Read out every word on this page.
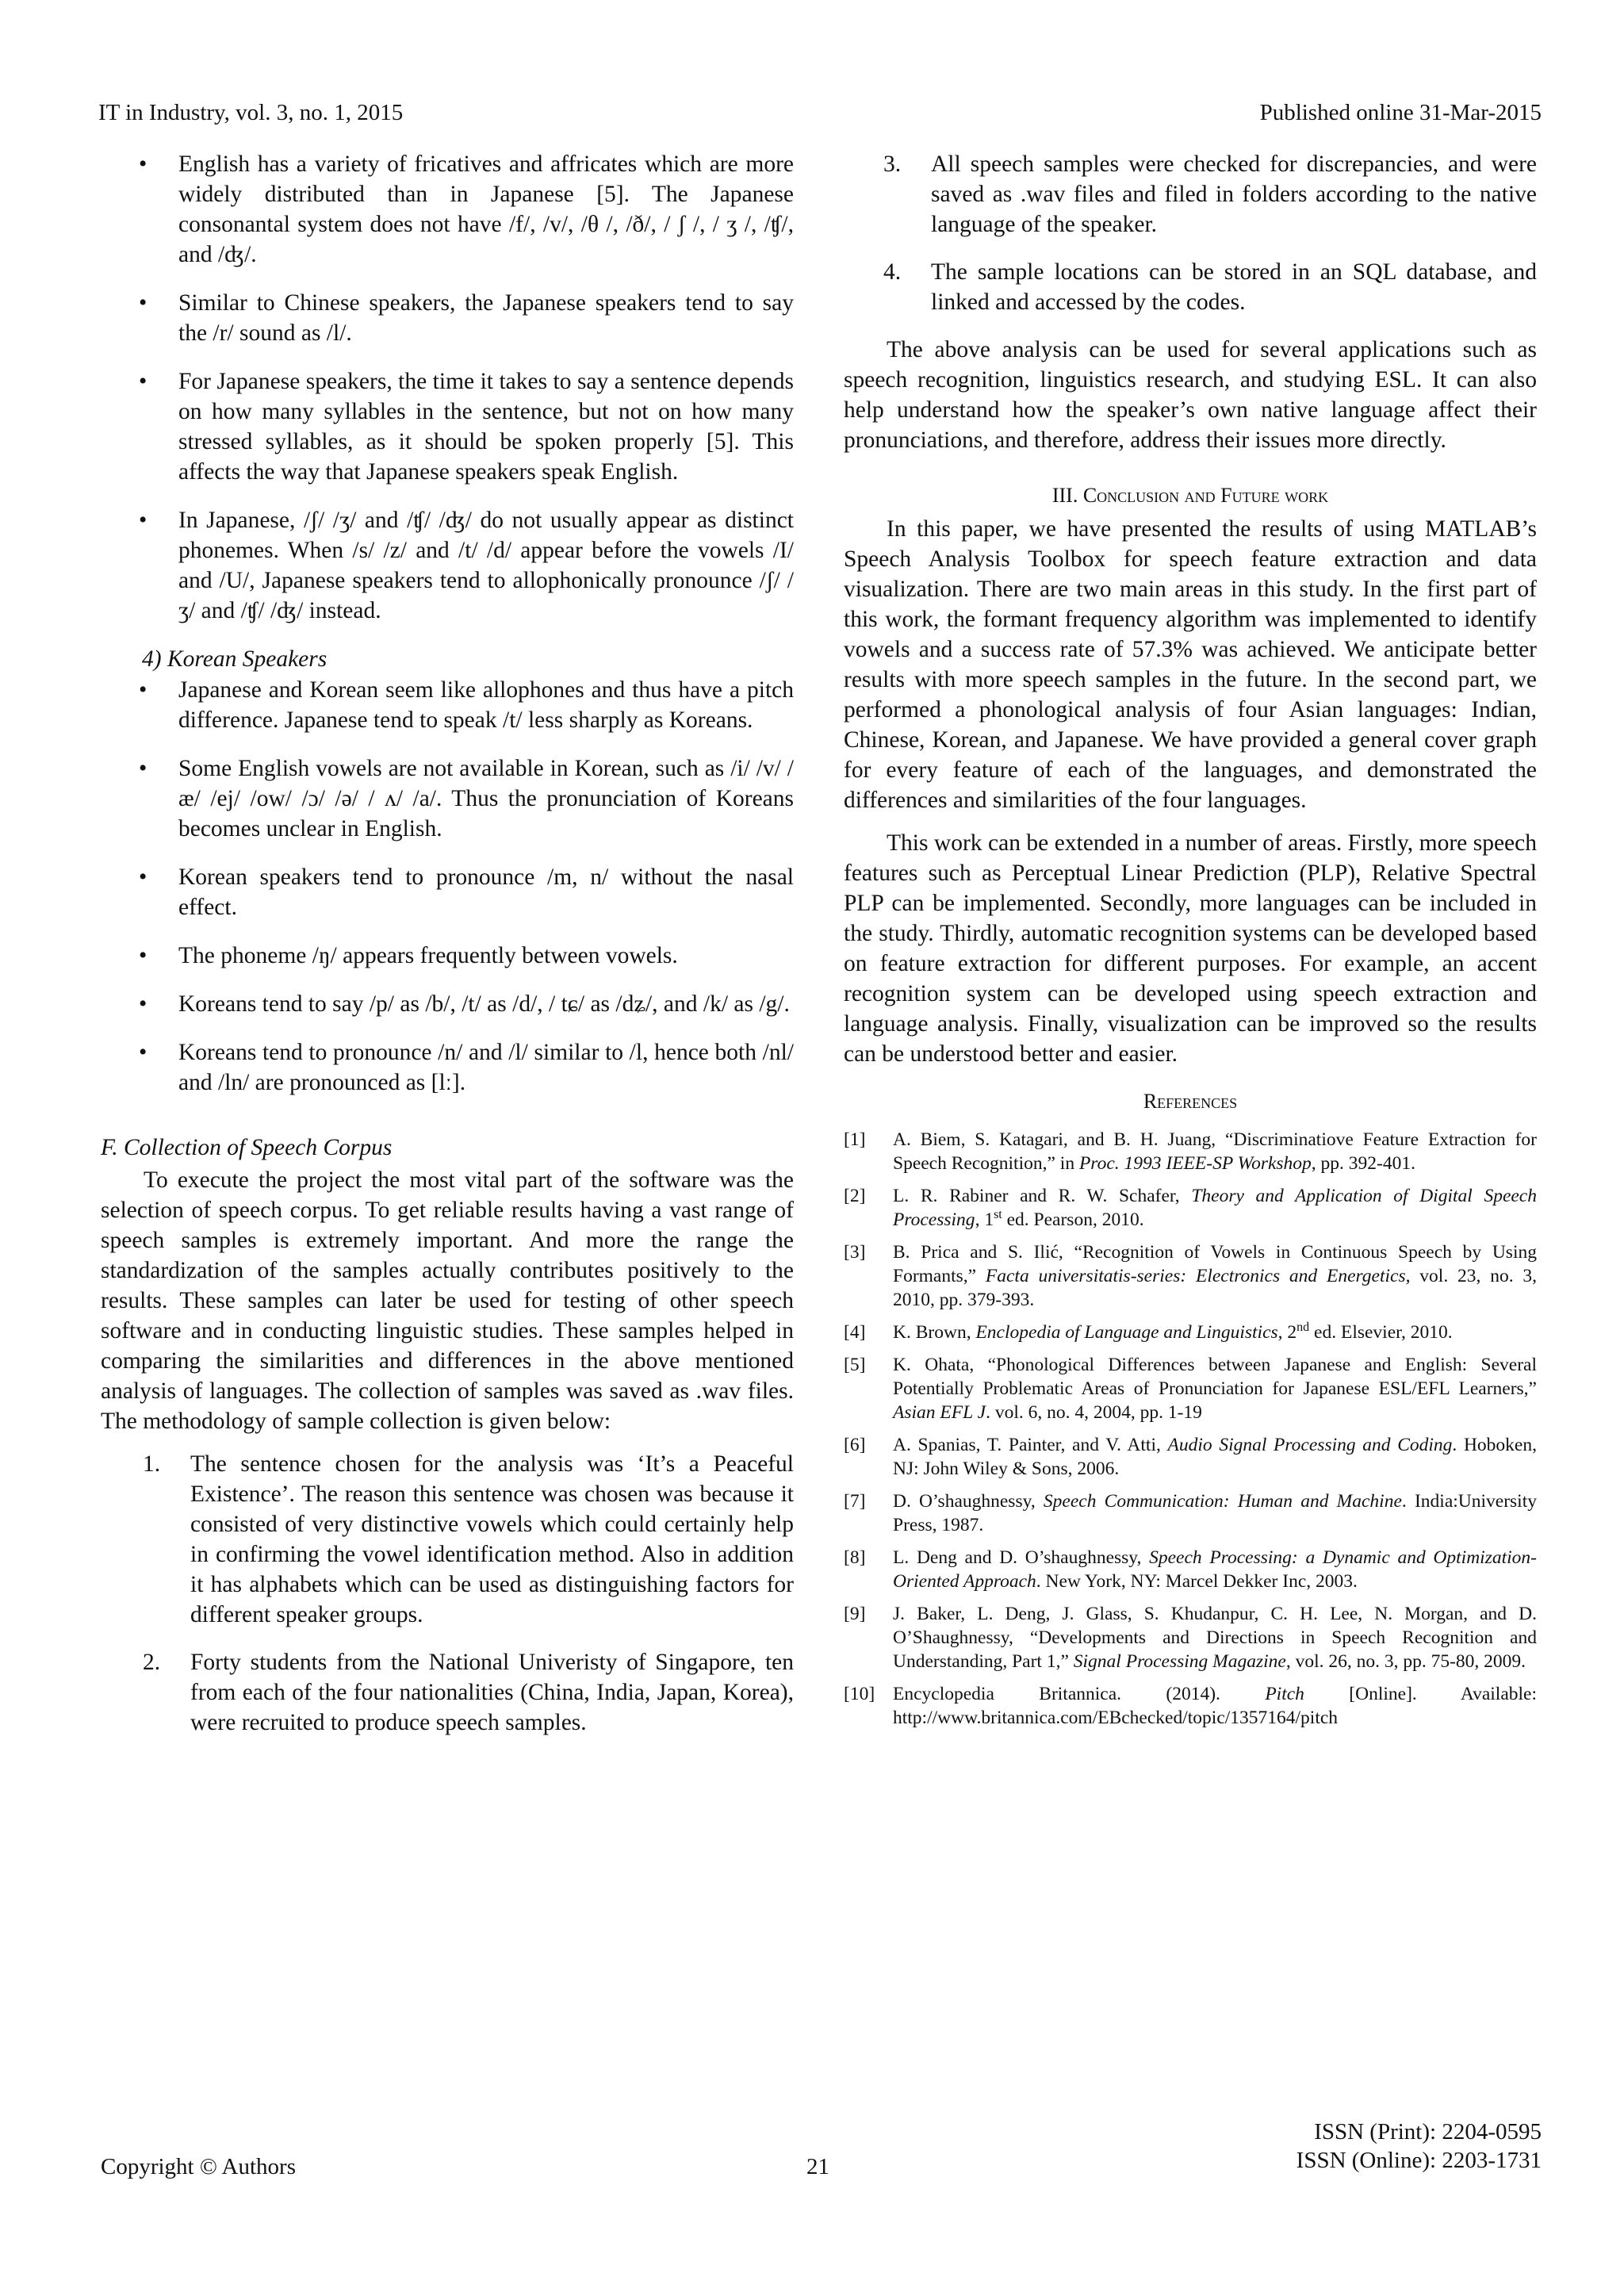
IT in Industry, vol. 3, no. 1, 2015	Published online 31-Mar-2015
• English has a variety of fricatives and affricates which are more widely distributed than in Japanese [5]. The Japanese consonantal system does not have /f/, /v/, /θ /, /ð/, / ʃ /, / ʒ /, /ʧ/, and /ʤ/.
• Similar to Chinese speakers, the Japanese speakers tend to say the /r/ sound as /l/.
• For Japanese speakers, the time it takes to say a sentence depends on how many syllables in the sentence, but not on how many stressed syllables, as it should be spoken properly [5]. This affects the way that Japanese speakers speak English.
• In Japanese, /ʃ/ /ʒ/ and /ʧ/ /ʤ/ do not usually appear as distinct phonemes. When /s/ /z/ and /t/ /d/ appear before the vowels /I/ and /U/, Japanese speakers tend to allophonically pronounce /ʃ/ /ʒ/ and /ʧ/ /ʤ/ instead.
4) Korean Speakers
• Japanese and Korean seem like allophones and thus have a pitch difference. Japanese tend to speak /t/ less sharply as Koreans.
• Some English vowels are not available in Korean, such as /i/ /v/ / æ/ /ej/ /ow/ /ɔ/ /ə/ / ʌ/ /a/. Thus the pronunciation of Koreans becomes unclear in English.
• Korean speakers tend to pronounce /m, n/ without the nasal effect.
• The phoneme /ŋ/ appears frequently between vowels.
• Koreans tend to say /p/ as /b/, /t/ as /d/, / tɕ/ as /dʑ/, and /k/ as /g/.
• Koreans tend to pronounce /n/ and /l/ similar to /l, hence both /nl/ and /ln/ are pronounced as [lː].
F. Collection of Speech Corpus

To execute the project the most vital part of the software was the selection of speech corpus. To get reliable results having a vast range of speech samples is extremely important. And more the range the standardization of the samples actually contributes positively to the results. These samples can later be used for testing of other speech software and in conducting linguistic studies. These samples helped in comparing the similarities and differences in the above mentioned analysis of languages. The collection of samples was saved as .wav files. The methodology of sample collection is given below:

1. The sentence chosen for the analysis was ‘It’s a Peaceful Existence’. The reason this sentence was chosen was because it consisted of very distinctive vowels which could certainly help in confirming the vowel identification method. Also in addition it has alphabets which can be used as distinguishing factors for different speaker groups.
2. Forty students from the National Univeristy of Singapore, ten from each of the four nationalities (China, India, Japan, Korea), were recruited to produce speech samples.
3. All speech samples were checked for discrepancies, and were saved as .wav files and filed in folders according to the native language of the speaker.
4. The sample locations can be stored in an SQL database, and linked and accessed by the codes.

The above analysis can be used for several applications such as speech recognition, linguistics research, and studying ESL. It can also help understand how the speaker’s own native language affect their pronunciations, and therefore, address their issues more directly.

III. Conclusion and Future work

In this paper, we have presented the results of using MATLAB’s Speech Analysis Toolbox for speech feature extraction and data visualization. There are two main areas in this study. In the first part of this work, the formant frequency algorithm was implemented to identify vowels and a success rate of 57.3% was achieved. We anticipate better results with more speech samples in the future. In the second part, we performed a phonological analysis of four Asian languages: Indian, Chinese, Korean, and Japanese. We have provided a general cover graph for every feature of each of the languages, and demonstrated the differences and similarities of the four languages.

This work can be extended in a number of areas. Firstly, more speech features such as Perceptual Linear Prediction (PLP), Relative Spectral PLP can be implemented. Secondly, more languages can be included in the study. Thirdly, automatic recognition systems can be developed based on feature extraction for different purposes. For example, an accent recognition system can be developed using speech extraction and language analysis. Finally, visualization can be improved so the results can be understood better and easier.

References
[1] A. Biem, S. Katagari, and B. H. Juang, “Discriminatiove Feature Extraction for Speech Recognition,” in Proc. 1993 IEEE-SP Workshop, pp. 392-401.
[2] L. R. Rabiner and R. W. Schafer, Theory and Application of Digital Speech Processing, 1st ed. Pearson, 2010.
[3] B. Prica and S. Ilić, “Recognition of Vowels in Continuous Speech by Using Formants,” Facta universitatis-series: Electronics and Energetics, vol. 23, no. 3, 2010, pp. 379-393.
[4] K. Brown, Enclopedia of Language and Linguistics, 2nd ed. Elsevier, 2010.
[5] K. Ohata, “Phonological Differences between Japanese and English: Several Potentially Problematic Areas of Pronunciation for Japanese ESL/EFL Learners,” Asian EFL J. vol. 6, no. 4, 2004, pp. 1-19
[6] A. Spanias, T. Painter, and V. Atti, Audio Signal Processing and Coding. Hoboken, NJ: John Wiley & Sons, 2006.
[7] D. O’shaughnessy, Speech Communication: Human and Machine. India:University Press, 1987.
[8] L. Deng and D. O’shaughnessy, Speech Processing: a Dynamic and Optimization-Oriented Approach. New York, NY: Marcel Dekker Inc, 2003.
[9] J. Baker, L. Deng, J. Glass, S. Khudanpur, C. H. Lee, N. Morgan, and D. O’Shaughnessy, “Developments and Directions in Speech Recognition and Understanding, Part 1,” Signal Processing Magazine, vol. 26, no. 3, pp. 75-80, 2009.
[10] Encyclopedia Britannica. (2014). Pitch [Online]. Available: http://www.britannica.com/EBchecked/topic/1357164/pitch
Copyright © Authors	21
ISSN (Print): 2204-0595
ISSN (Online): 2203-1731
